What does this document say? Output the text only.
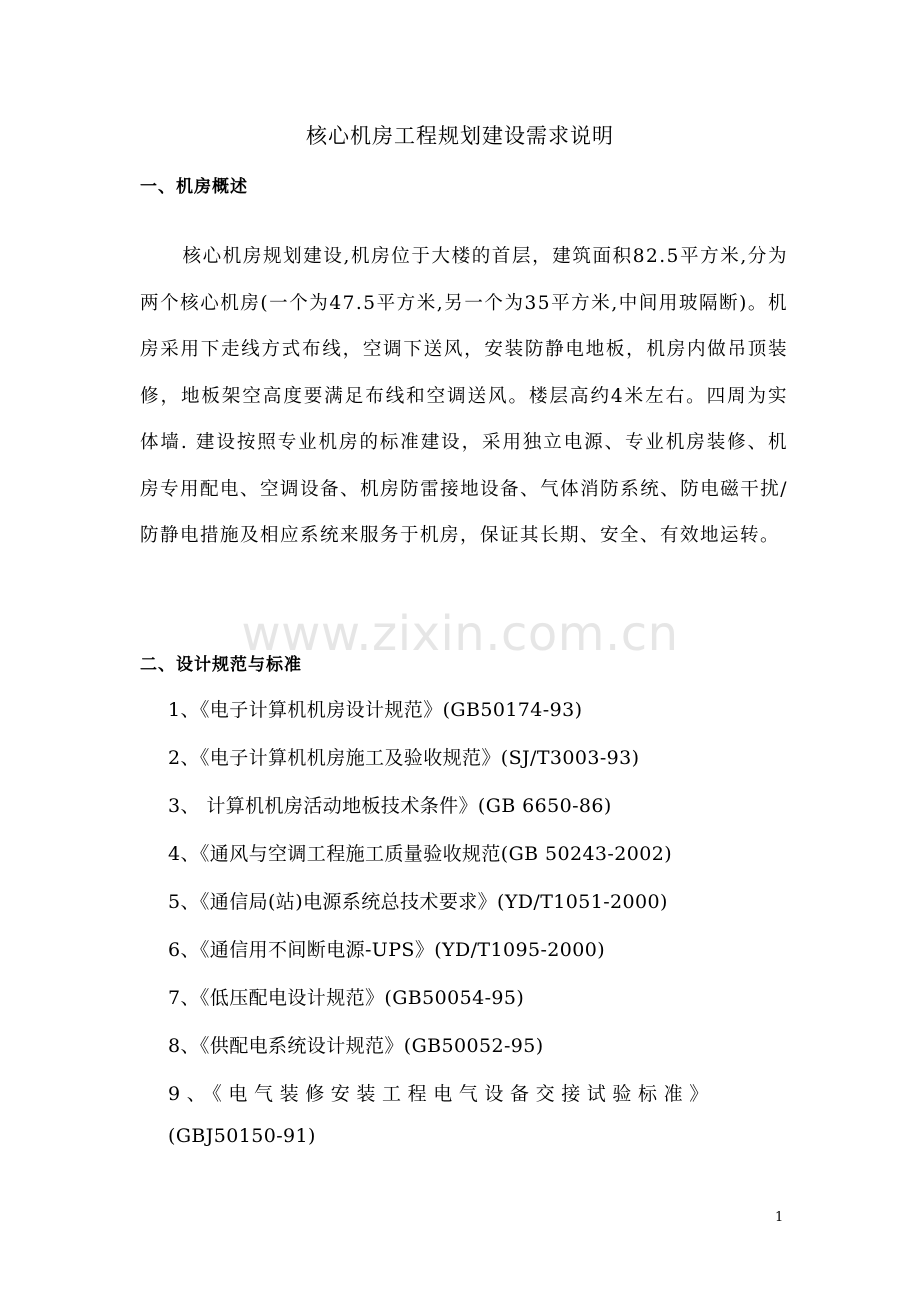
核心机房工程规划建设需求说明
一、机房概述
核心机房规划建设,机房位于大楼的首层，建筑面积82.5平方米,分为两个核心机房(一个为47.5平方米,另一个为35平方米,中间用玻隔断)。机房采用下走线方式布线，空调下送风，安装防静电地板，机房内做吊顶装修，地板架空高度要满足布线和空调送风。楼层高约4米左右。四周为实体墙. 建设按照专业机房的标准建设，采用独立电源、专业机房装修、机房专用配电、空调设备、机房防雷接地设备、气体消防系统、防电磁干扰/防静电措施及相应系统来服务于机房，保证其长期、安全、有效地运转。
www.zixin.com.cn
二、设计规范与标准
1、《电子计算机机房设计规范》(GB50174-93)
2、《电子计算机机房施工及验收规范》(SJ/T3003-93)
3、 计算机机房活动地板技术条件》(GB 6650-86)
4、《通风与空调工程施工质量验收规范(GB 50243-2002)
5、《通信局(站)电源系统总技术要求》(YD/T1051-2000)
6、《通信用不间断电源-UPS》(YD/T1095-2000)
7、《低压配电设计规范》(GB50054-95)
8、《供配电系统设计规范》(GB50052-95)
9、《电气装修安装工程电气设备交接试验标准》
(GBJ50150-91)
1
